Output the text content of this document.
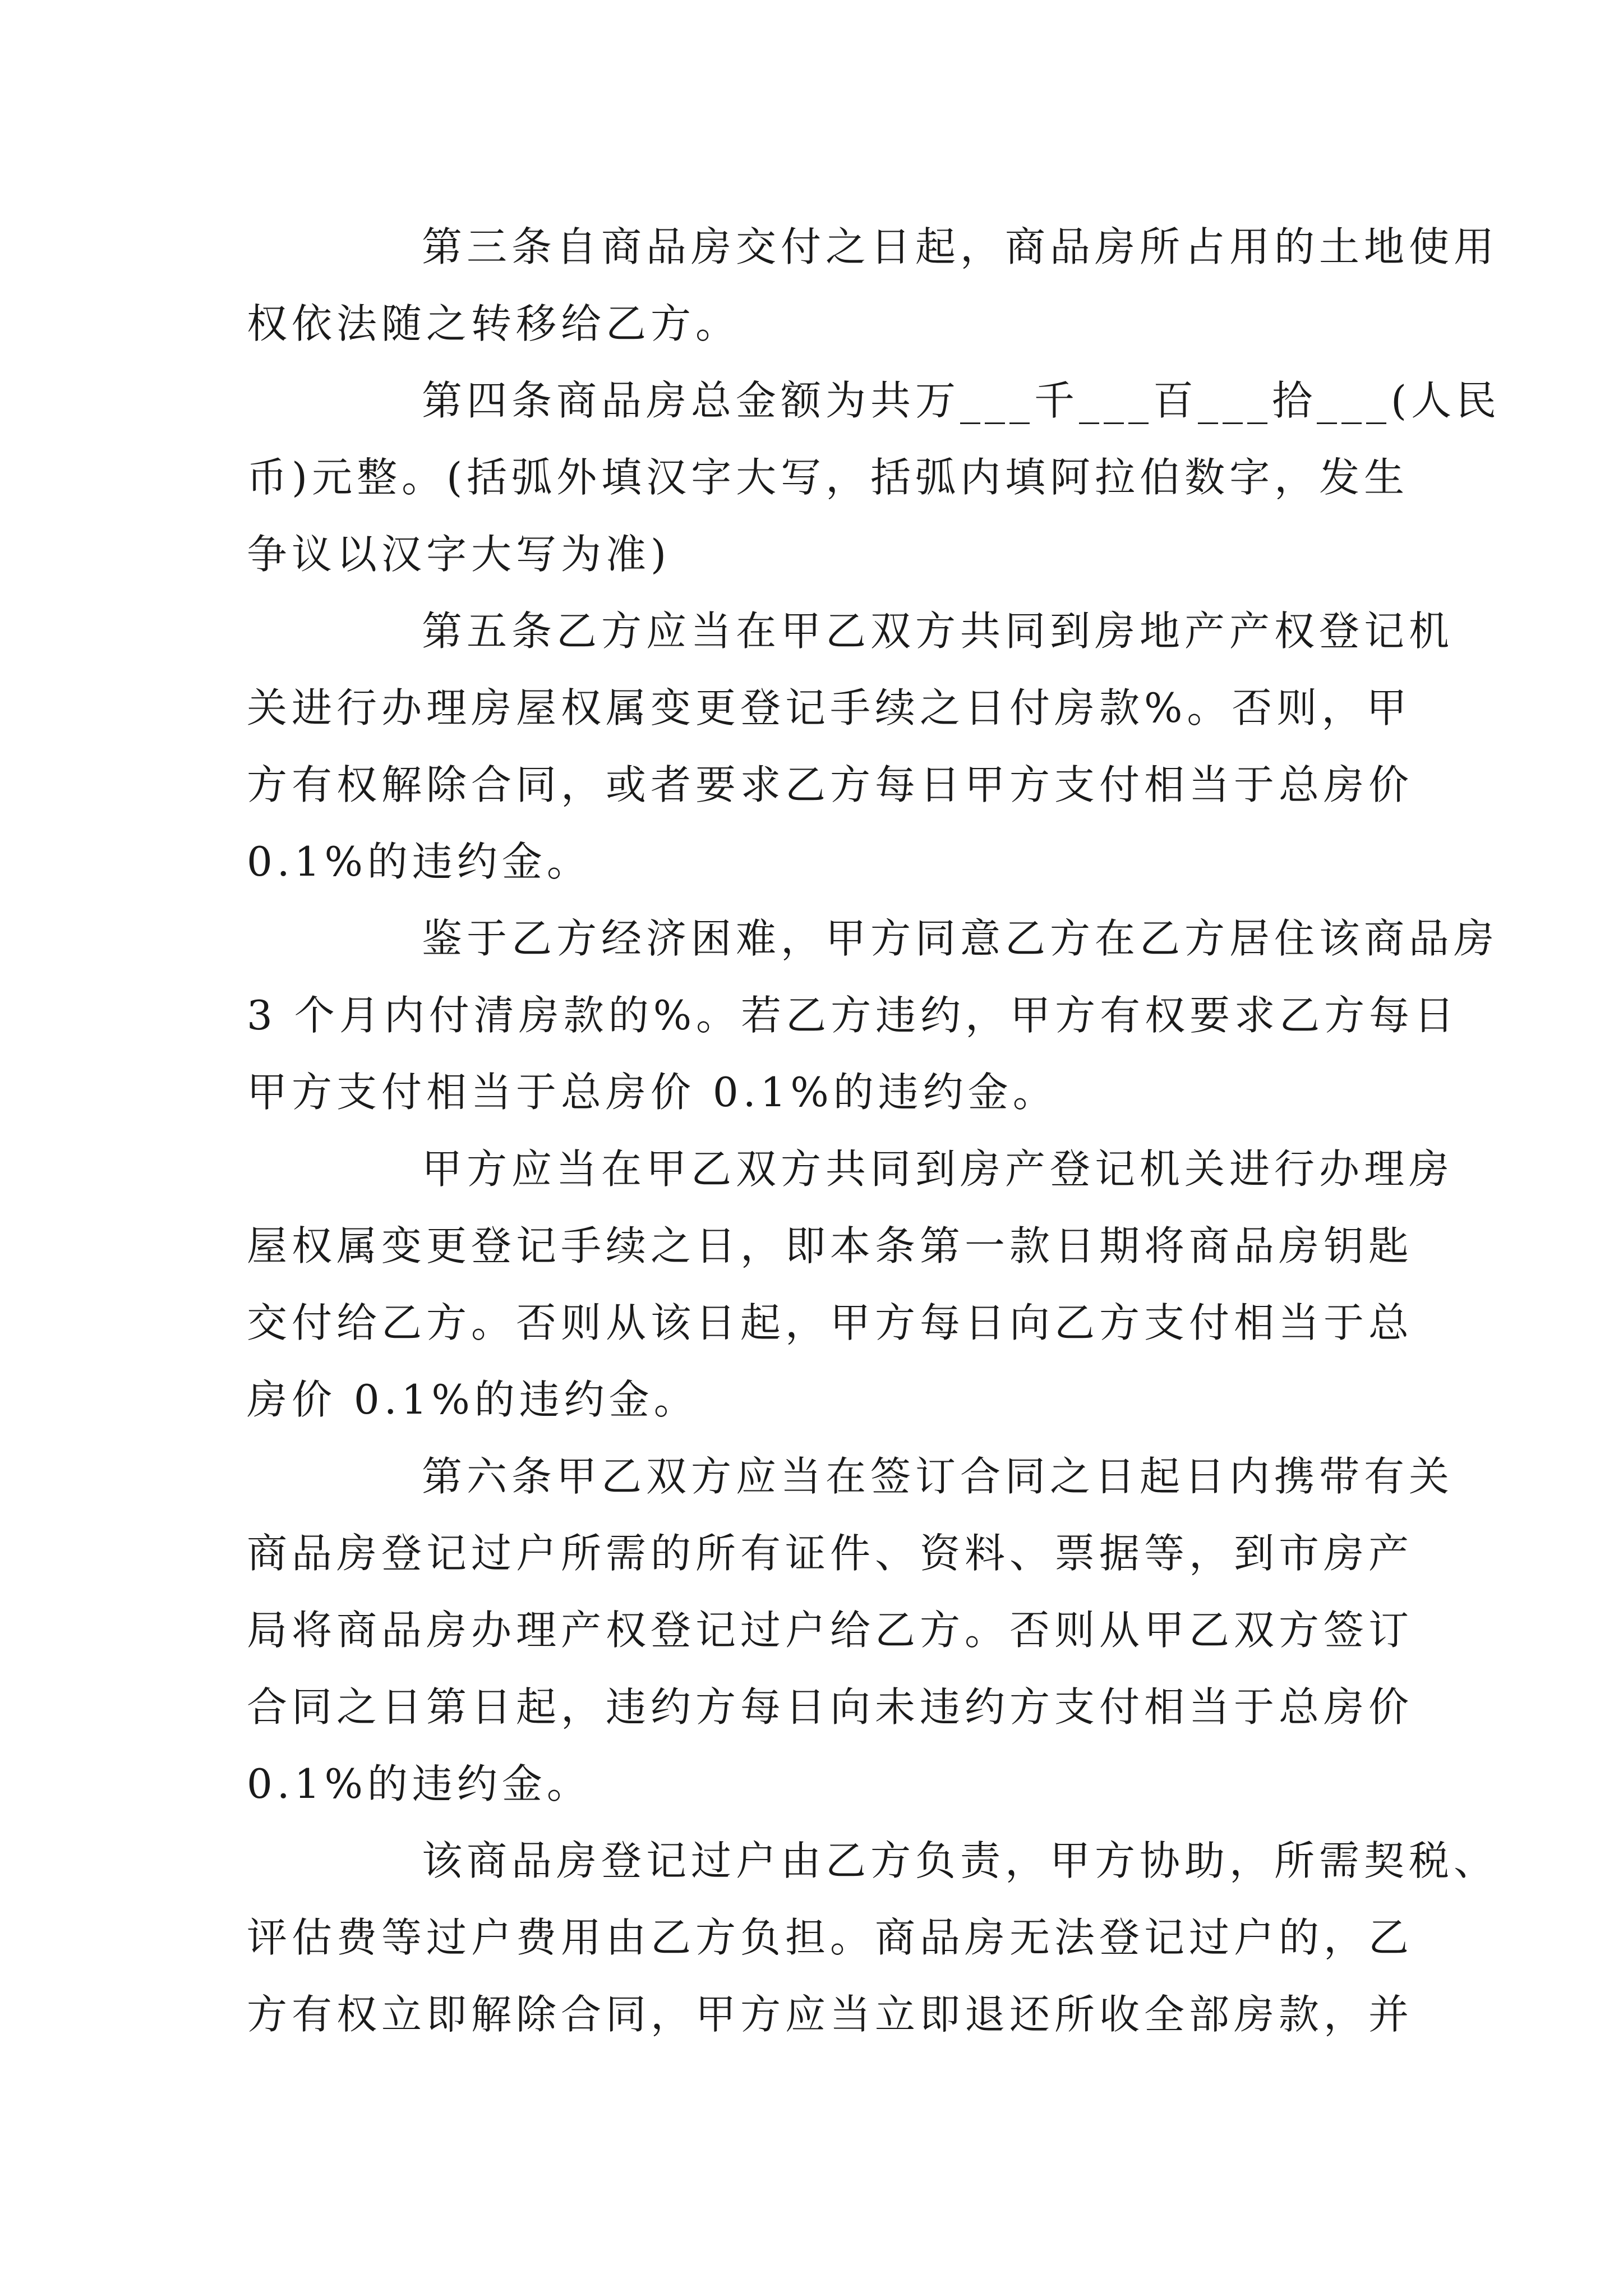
第三条自商品房交付之日起，商品房所占用的土地使用
权依法随之转移给乙方。
第四条商品房总金额为共万___千___百___拾___(人民
币)元整。(括弧外填汉字大写，括弧内填阿拉伯数字，发生
争议以汉字大写为准)
第五条乙方应当在甲乙双方共同到房地产产权登记机
关进行办理房屋权属变更登记手续之日付房款%。否则，甲
方有权解除合同，或者要求乙方每日甲方支付相当于总房价
0.1%的违约金。
鉴于乙方经济困难，甲方同意乙方在乙方居住该商品房
3 个月内付清房款的%。若乙方违约，甲方有权要求乙方每日
甲方支付相当于总房价 0.1%的违约金。
甲方应当在甲乙双方共同到房产登记机关进行办理房
屋权属变更登记手续之日，即本条第一款日期将商品房钥匙
交付给乙方。否则从该日起，甲方每日向乙方支付相当于总
房价 0.1%的违约金。
第六条甲乙双方应当在签订合同之日起日内携带有关
商品房登记过户所需的所有证件、资料、票据等，到市房产
局将商品房办理产权登记过户给乙方。否则从甲乙双方签订
合同之日第日起，违约方每日向未违约方支付相当于总房价
0.1%的违约金。
该商品房登记过户由乙方负责，甲方协助，所需契税、
评估费等过户费用由乙方负担。商品房无法登记过户的，乙
方有权立即解除合同，甲方应当立即退还所收全部房款，并
